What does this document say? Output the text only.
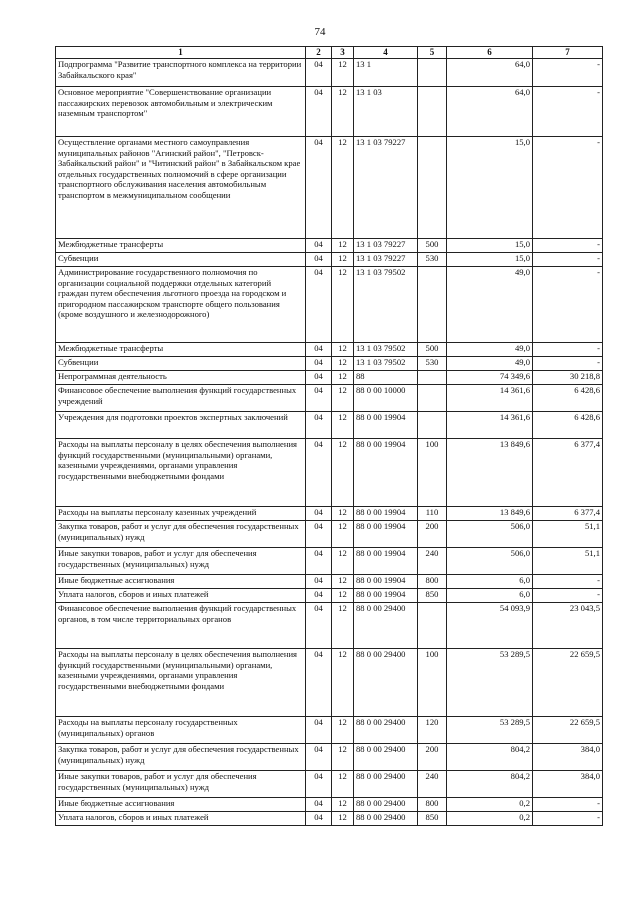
74
1	2	3	4	5	6	7
Подпрограмма "Развитие транспортного комплекса на территории Забайкальского края"	04	12	13 1		64,0	-
Основное мероприятие "Совершенствование организации пассажирских перевозок автомобильным и электрическим наземным транспортом"	04	12	13 1 03		64,0	-
Осуществление органами местного самоуправления муниципальных районов "Агинский район", "Петровск-Забайкальский район" и "Читинский район" в Забайкальском крае отдельных государственных полномочий в сфере организации транспортного обслуживания населения автомобильным транспортом в межмуниципальном сообщении	04	12	13 1 03 79227		15,0	-
Межбюджетные трансферты	04	12	13 1 03 79227	500	15,0	-
Субвенции	04	12	13 1 03 79227	530	15,0	-
Администрирование государственного полномочия по организации социальной поддержки отдельных категорий граждан путем обеспечения льготного проезда на городском и пригородном пассажирском транспорте общего пользования (кроме воздушного и железнодорожного)	04	12	13 1 03 79502		49,0	-
Межбюджетные трансферты	04	12	13 1 03 79502	500	49,0	-
Субвенции	04	12	13 1 03 79502	530	49,0	-
Непрограммная деятельность	04	12	88		74 349,6	30 218,8
Финансовое обеспечение выполнения функций государственных учреждений	04	12	88 0 00 10000		14 361,6	6 428,6
Учреждения для подготовки проектов экспертных заключений	04	12	88 0 00 19904		14 361,6	6 428,6
Расходы на выплаты персоналу в целях обеспечения выполнения функций государственными (муниципальными) органами, казенными учреждениями, органами управления государственными внебюджетными фондами	04	12	88 0 00 19904	100	13 849,6	6 377,4
Расходы на выплаты персоналу казенных учреждений	04	12	88 0 00 19904	110	13 849,6	6 377,4
Закупка товаров, работ и услуг для обеспечения государственных (муниципальных) нужд	04	12	88 0 00 19904	200	506,0	51,1
Иные закупки товаров, работ и услуг для обеспечения государственных (муниципальных) нужд	04	12	88 0 00 19904	240	506,0	51,1
Иные бюджетные ассигнования	04	12	88 0 00 19904	800	6,0	-
Уплата налогов, сборов и иных платежей	04	12	88 0 00 19904	850	6,0	-
Финансовое обеспечение выполнения функций государственных органов, в том числе территориальных органов	04	12	88 0 00 29400		54 093,9	23 043,5
Расходы на выплаты персоналу в целях обеспечения выполнения функций государственными (муниципальными) органами, казенными учреждениями, органами управления государственными внебюджетными фондами	04	12	88 0 00 29400	100	53 289,5	22 659,5
Расходы на выплаты персоналу государственных (муниципальных) органов	04	12	88 0 00 29400	120	53 289,5	22 659,5
Закупка товаров, работ и услуг для обеспечения государственных (муниципальных) нужд	04	12	88 0 00 29400	200	804,2	384,0
Иные закупки товаров, работ и услуг для обеспечения государственных (муниципальных) нужд	04	12	88 0 00 29400	240	804,2	384,0
Иные бюджетные ассигнования	04	12	88 0 00 29400	800	0,2	-
Уплата налогов, сборов и иных платежей	04	12	88 0 00 29400	850	0,2	-
